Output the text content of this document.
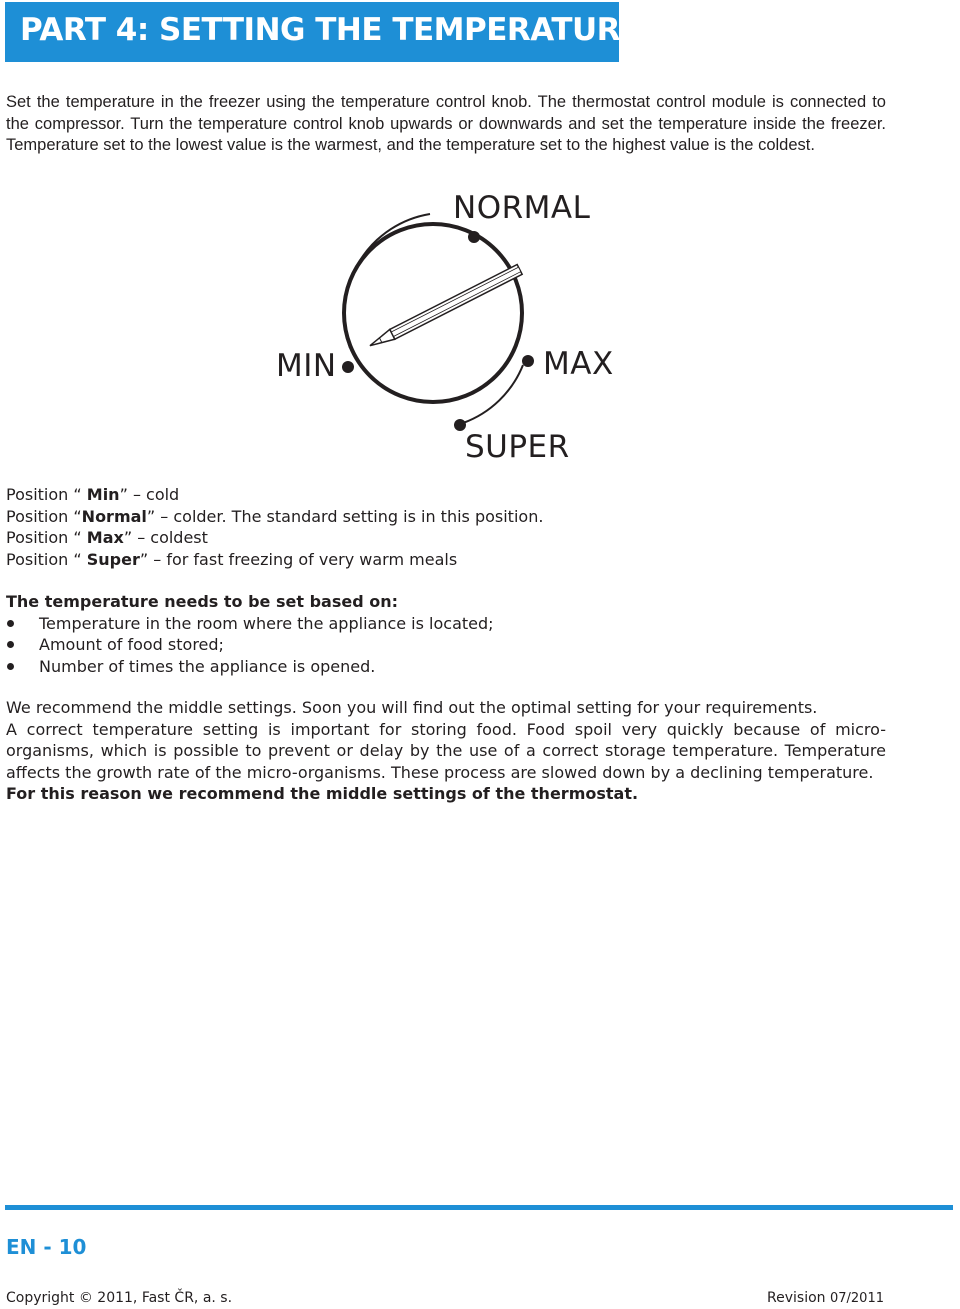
PART 4: SETTING THE TEMPERATURE

Set the temperature in the freezer using the temperature control knob. The thermostat control module is connected to the compressor. Turn the temperature control knob upwards or downwards and set the temperature inside the freezer. Temperature set to the lowest value is the warmest, and the temperature set to the highest value is the coldest.

NORMAL
MIN	MAX
SUPER
Position “ Min” – cold
Position “Normal” – colder. The standard setting is in this position.
Position “ Max” – coldest
Position “ Super” – for fast freezing of very warm meals
The temperature needs to be set based on:
Temperature in the room where the appliance is located;
Amount of food stored;
Number of times the appliance is opened.

We recommend the middle settings. Soon you will find out the optimal setting for your requirements.

A correct temperature setting is important for storing food. Food spoil very quickly because of micro-organisms, which is possible to prevent or delay by the use of a correct storage temperature. Temperature affects the growth rate of the micro-organisms. These process are slowed down by a declining temperature.

For this reason we recommend the middle settings of the thermostat.

EN - 10
Copyright © 2011, Fast ČR, a. s.	Revision 07/2011
